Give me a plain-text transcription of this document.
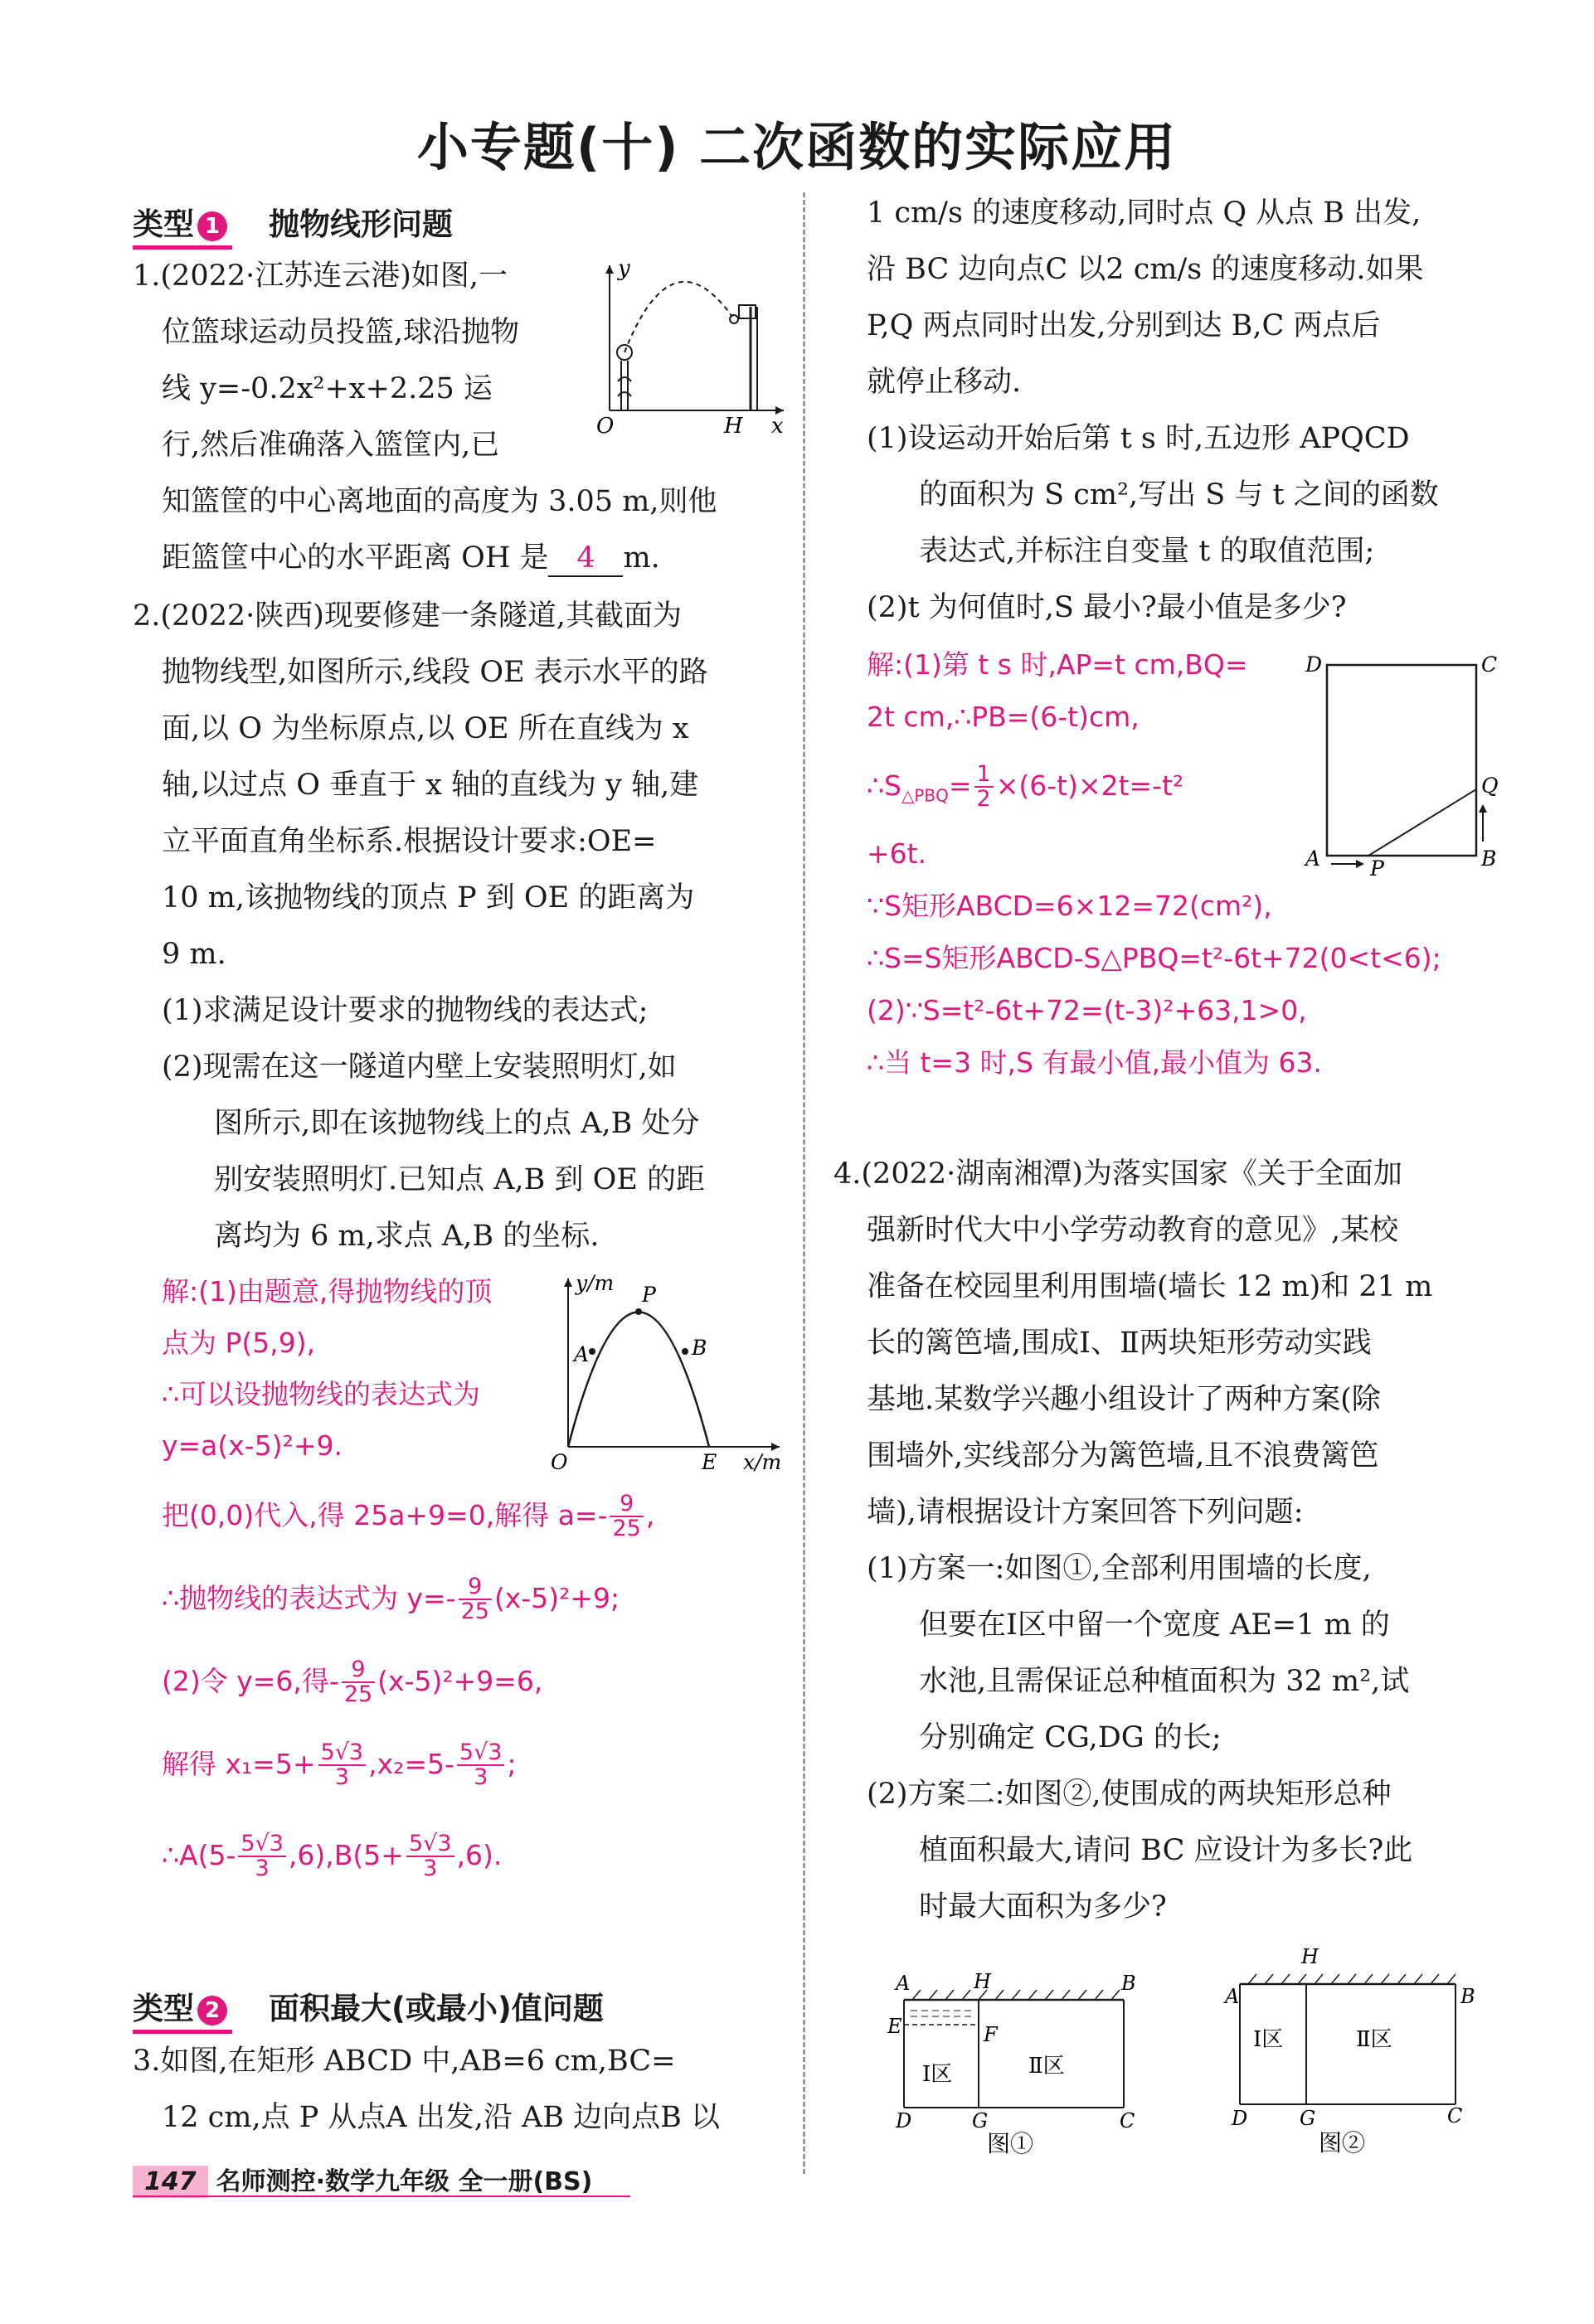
小专题(十) 二次函数的实际应用
类型 1 抛物线形问题
1.(2022·江苏连云港)如图,一
位篮球运动员投篮,球沿抛物
线 y=-0.2x²+x+2.25 运
行,然后准确落入篮筐内,已
知篮筐的中心离地面的高度为 3.05 m,则他
距篮筐中心的水平距离 OH 是 4 m.
y
x
O	H
2.(2022·陕西)现要修建一条隧道,其截面为
抛物线型,如图所示,线段 OE 表示水平的路
面,以 O 为坐标原点,以 OE 所在直线为 x
轴,以过点 O 垂直于 x 轴的直线为 y 轴,建
立平面直角坐标系.根据设计要求:OE=
10 m,该抛物线的顶点 P 到 OE 的距离为
9 m.
(1)求满足设计要求的抛物线的表达式;
(2)现需在这一隧道内壁上安装照明灯,如
图所示,即在该抛物线上的点 A,B 处分
别安装照明灯.已知点 A,B 到 OE 的距
离均为 6 m,求点 A,B 的坐标.
解:(1)由题意,得抛物线的顶
点为 P(5,9),
∴可以设抛物线的表达式为
y=a(x-5)²+9.
把(0,0)代入,得 25a+9=0,解得 $a=- \frac{9}{25}$ ,
∴抛物线的表达式为 $y=- \frac{9}{25} (x-5)^2+9$;
(2)令 y=6,得- $\frac{9}{25} (x-5)^2+9=6$,
解得 $x_1=5+ \frac{5√3}{3} ,x_2=5- \frac{5√3}{3}$ ;
∴A(5- $\frac{5√3}{3} ,6),B(5+ \frac{5√3}{3} ,6)$.
y/m
x/m
O	E
P
A	B
类型 2 面积最大(或最小)值问题
3.如图,在矩形 ABCD 中,AB=6 cm,BC=
12 cm,点 P 从点A 出发,沿 AB 边向点B 以
1 cm/s 的速度移动,同时点 Q 从点 B 出发,
沿 BC 边向点C 以2 cm/s 的速度移动.如果
P,Q 两点同时出发,分别到达 B,C 两点后
就停止移动.
(1)设运动开始后第 t s 时,五边形 APQCD
的面积为 S cm²,写出 S 与 t 之间的函数
表达式,并标注自变量 t 的取值范围;
(2)t 为何值时,S 最小?最小值是多少?
解:(1)第 t s 时,AP=t cm,BQ=
2t cm,∴PB=(6-t)cm,
$\therefore S_{\triangle PBQ}= \frac{1}{2} \times(6-t)\times 2t=-t^2$
+6t.
∵S矩形ABCD=6×12=72(cm²),
∴S=S矩形ABCD-S△PBQ=t²-6t+72(0<t<6);
(2)∵S=t²-6t+72=(t-3)²+63,1>0,
∴当 t=3 时,S 有最小值,最小值为 63.
D	C
Q
B
A P
4.(2022·湖南湘潭)为落实国家《关于全面加
强新时代大中小学劳动教育的意见》,某校
准备在校园里利用围墙(墙长 12 m)和 21 m
长的篱笆墙,围成Ⅰ、Ⅱ两块矩形劳动实践
基地.某数学兴趣小组设计了两种方案(除
围墙外,实线部分为篱笆墙,且不浪费篱笆
墙),请根据设计方案回答下列问题:
(1)方案一:如图①,全部利用围墙的长度,
但要在Ⅰ区中留一个宽度 AE=1 m 的
水池,且需保证总种植面积为 32 m²,试
分别确定 CG,DG 的长;
(2)方案二:如图②,使围成的两块矩形总种
植面积最大,请问 BC 应设计为多长?此
时最大面积为多少?
A	H	B
E	F
D	G	C
Ⅰ区	Ⅱ区
图①
A
H
B
D	G	C
Ⅰ区	Ⅱ区
图②
147 名师测控·数学九年级 全一册(BS)
